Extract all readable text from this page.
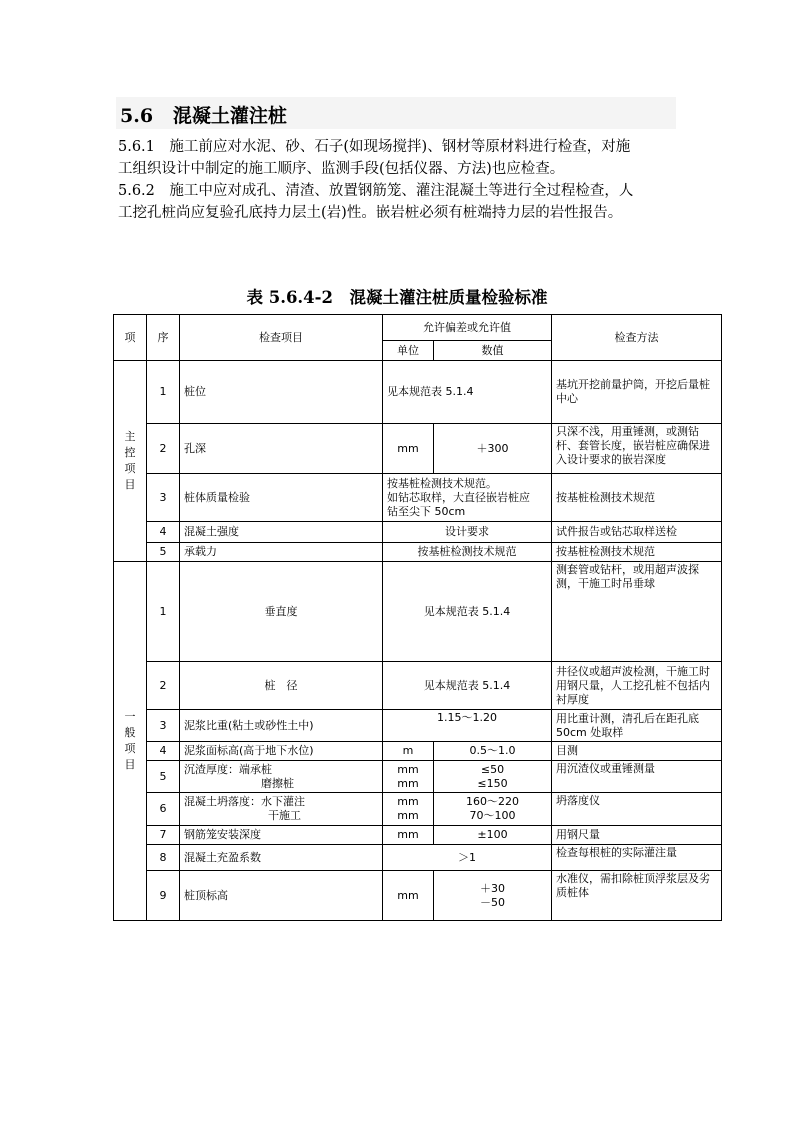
5.6 混凝土灌注桩
5.6.1　施工前应对水泥、砂、石子(如现场搅拌)、钢材等原材料进行检查，对施
工组织设计中制定的施工顺序、监测手段(包括仪器、方法)也应检查。
5.6.2　施工中应对成孔、清渣、放置钢筋笼、灌注混凝土等进行全过程检查，人
工挖孔桩尚应复验孔底持力层土(岩)性。嵌岩桩必须有桩端持力层的岩性报告。
表 5.6.4-2　混凝土灌注桩质量检验标准
项	序	检查项目	允许偏差或允许值		检查方法
			单位	数值	

主
控
项
目	1	桩位	见本规范表 5.1.4		基坑开挖前量护筒，开挖后量桩中心
	2	孔深	mm	＋300	只深不浅，用重锤测，或测钻杆、套管长度，嵌岩桩应确保进入设计要求的嵌岩深度
	3	桩体质量检验	按基桩检测技术规范。
如钻芯取样，大直径嵌岩桩应
钻至尖下 50cm		按基桩检测技术规范
	4	混凝土强度	设计要求		试件报告或钻芯取样送检
	5	承载力	按基桩检测技术规范		按基桩检测技术规范

一
般
项
目	1	垂直度	见本规范表 5.1.4		测套管或钻杆，或用超声波探测，干施工时吊垂球
	2	桩　径	见本规范表 5.1.4		井径仪或超声波检测，干施工时用钢尺量，人工挖孔桩不包括内衬厚度
	3	泥浆比重(粘土或砂性土中)	1.15～1.20		用比重计测，清孔后在距孔底50cm 处取样
	4	泥浆面标高(高于地下水位)	m	0.5～1.0	目测
	5	沉渣厚度：端承桩
磨擦桩	mm
mm	≤50
≤150	用沉渣仪或重锤测量
	6	混凝土坍落度：水下灌注
干施工	mm
mm	160～220
70～100	坍落度仪
	7	钢筋笼安装深度	mm	±100	用钢尺量
	8	混凝土充盈系数	＞1		检查每根桩的实际灌注量
	9	桩顶标高	mm	＋30
－50	水准仪，需扣除桩顶浮浆层及劣质桩体
